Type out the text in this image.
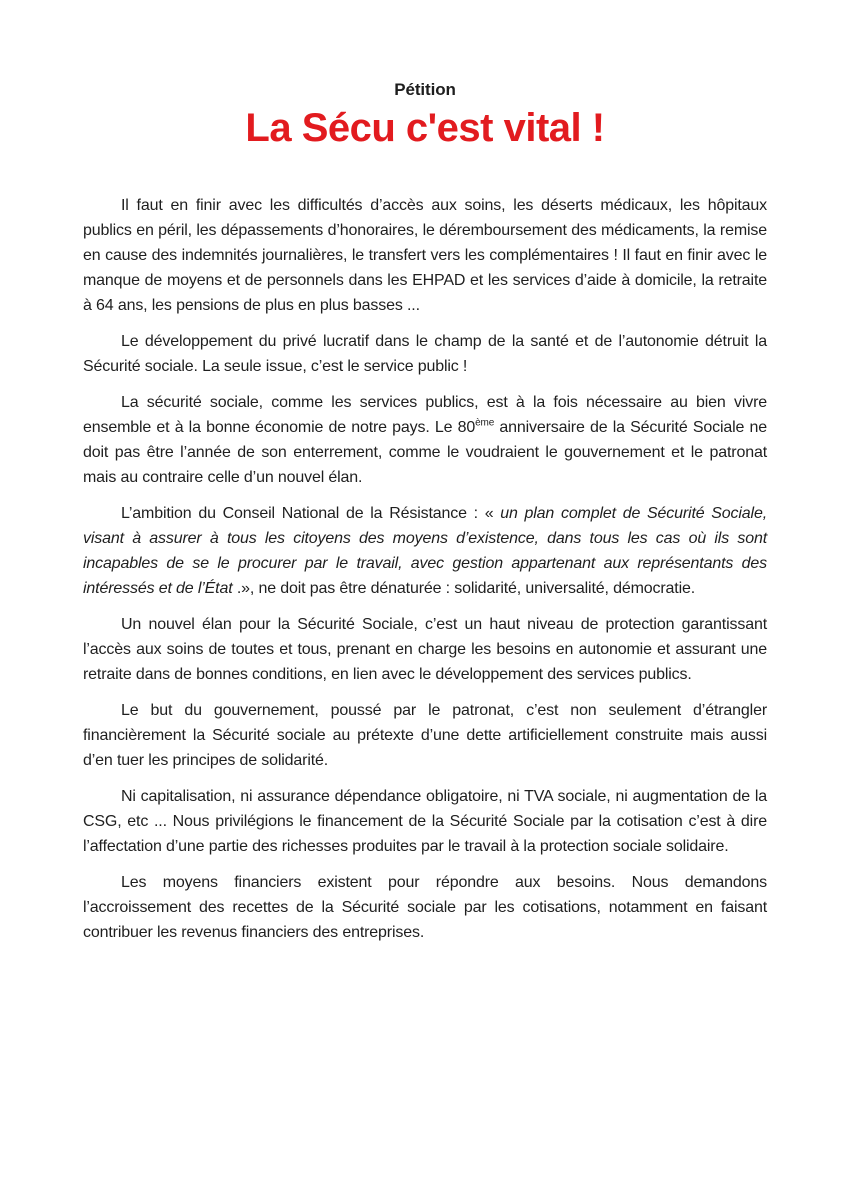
Pétition

La Sécu c'est vital !

Il faut en finir avec les difficultés d’accès aux soins, les déserts médicaux, les hôpitaux publics en péril, les dépassements d’honoraires, le déremboursement des médicaments, la remise en cause des indemnités journalières, le transfert vers les complémentaires ! Il faut en finir avec le manque de moyens et de personnels dans les EHPAD et les services d’aide à domicile, la retraite à 64 ans, les pensions de plus en plus basses ...

Le développement du privé lucratif dans le champ de la santé et de l’autonomie détruit la Sécurité sociale. La seule issue, c’est le service public !

La sécurité sociale, comme les services publics, est à la fois nécessaire au bien vivre ensemble et à la bonne économie de notre pays. Le 80ème anniversaire de la Sécurité Sociale ne doit pas être l’année de son enterrement, comme le voudraient le gouvernement et le patronat mais au contraire celle d’un nouvel élan.

L’ambition du Conseil National de la Résistance : « un plan complet de Sécurité Sociale, visant à assurer à tous les citoyens des moyens d’existence, dans tous les cas où ils sont incapables de se le procurer par le travail, avec gestion appartenant aux représentants des intéressés et de l’État .», ne doit pas être dénaturée : solidarité, universalité, démocratie.

Un nouvel élan pour la Sécurité Sociale, c’est un haut niveau de protection garantissant l’accès aux soins de toutes et tous, prenant en charge les besoins en autonomie et assurant une retraite dans de bonnes conditions, en lien avec le développement des services publics.

Le but du gouvernement, poussé par le patronat, c’est non seulement d’étrangler financièrement la Sécurité sociale au prétexte d’une dette artificiellement construite mais aussi d’en tuer les principes de solidarité.

Ni capitalisation, ni assurance dépendance obligatoire, ni TVA sociale, ni augmentation de la CSG, etc ... Nous privilégions le financement de la Sécurité Sociale par la cotisation c’est à dire l’affectation d’une partie des richesses produites par le travail à la protection sociale solidaire.

Les moyens financiers existent pour répondre aux besoins. Nous demandons l’accroissement des recettes de la Sécurité sociale par les cotisations, notamment en faisant contribuer les revenus financiers des entreprises.
